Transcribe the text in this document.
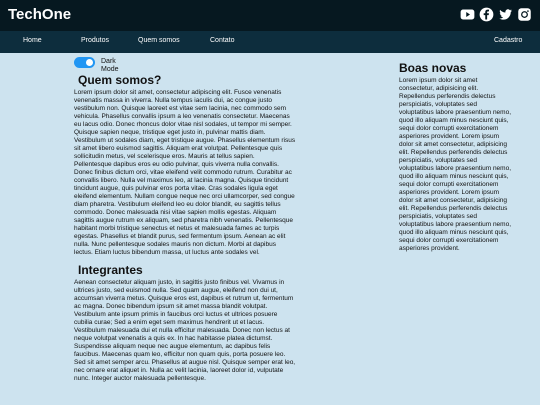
TechOne
Home	Produtos	Quem somos	Contato	Cadastro
Dark Mode
Quem somos?

Lorem ipsum dolor sit amet, consectetur adipiscing elit. Fusce venenatis venenatis massa in viverra. Nulla tempus iaculis dui, ac congue justo vestibulum non. Quisque laoreet est vitae sem lacinia, nec commodo sem vehicula. Phasellus convallis ipsum a leo venenatis consectetur. Maecenas eu lacus odio. Donec rhoncus dolor vitae nisl sodales, ut tempor mi semper. Quisque sapien neque, tristique eget justo in, pulvinar mattis diam. Vestibulum ut sodales diam, eget tristique augue. Phasellus elementum risus sit amet libero euismod sagittis. Aliquam erat volutpat. Pellentesque quis sollicitudin metus, vel scelerisque eros. Mauris at tellus sapien.

Pellentesque dapibus eros eu odio pulvinar, quis viverra nulla convallis. Donec finibus dictum orci, vitae eleifend velit commodo rutrum. Curabitur ac convallis libero. Nulla vel maximus leo, at lacinia magna. Quisque tincidunt tincidunt augue, quis pulvinar eros porta vitae. Cras sodales ligula eget eleifend elementum. Nullam congue neque nec orci ullamcorper, sed congue diam pharetra. Vestibulum eleifend leo eu dolor blandit, eu sagittis tellus commodo. Donec malesuada nisi vitae sapien mollis egestas. Aliquam sagittis augue rutrum ex aliquam, sed pharetra nibh venenatis. Pellentesque habitant morbi tristique senectus et netus et malesuada fames ac turpis egestas. Phasellus et blandit purus, sed fermentum ipsum. Aenean ac elit nulla. Nunc pellentesque sodales mauris non dictum. Morbi at dapibus lectus. Etiam luctus bibendum massa, ut luctus ante sodales vel.

Integrantes

Aenean consectetur aliquam justo, in sagittis justo finibus vel. Vivamus in ultrices justo, sed euismod nulla. Sed quam augue, eleifend non dui ut, accumsan viverra metus. Quisque eros est, dapibus et rutrum ut, fermentum ac magna. Donec bibendum ipsum sit amet massa blandit volutpat. Vestibulum ante ipsum primis in faucibus orci luctus et ultrices posuere cubilia curae; Sed a enim eget sem maximus hendrerit ut et lacus. Vestibulum malesuada dui et nulla efficitur malesuada. Donec non lectus at neque volutpat venenatis a quis ex. In hac habitasse platea dictumst. Suspendisse aliquam neque nec augue elementum, ac dapibus felis faucibus. Maecenas quam leo, efficitur non quam quis, porta posuere leo. Sed sit amet semper arcu. Phasellus at augue nisl. Quisque semper erat leo, nec ornare erat aliquet in. Nulla ac velit lacinia, laoreet dolor id, vulputate nunc. Integer auctor malesuada pellentesque.

Boas novas

Lorem ipsum dolor sit amet consectetur, adipisicing elit. Repellendus perferendis delectus perspiciatis, voluptates sed voluptatibus labore praesentium nemo, quod illo aliquam minus nesciunt quis, sequi dolor corrupti exercitationem asperiores provident. Lorem ipsum dolor sit amet consectetur, adipisicing elit. Repellendus perferendis delectus perspiciatis, voluptates sed voluptatibus labore praesentium nemo, quod illo aliquam minus nesciunt quis, sequi dolor corrupti exercitationem asperiores provident. Lorem ipsum dolor sit amet consectetur, adipisicing elit. Repellendus perferendis delectus perspiciatis, voluptates sed voluptatibus labore praesentium nemo, quod illo aliquam minus nesciunt quis, sequi dolor corrupti exercitationem asperiores provident.
